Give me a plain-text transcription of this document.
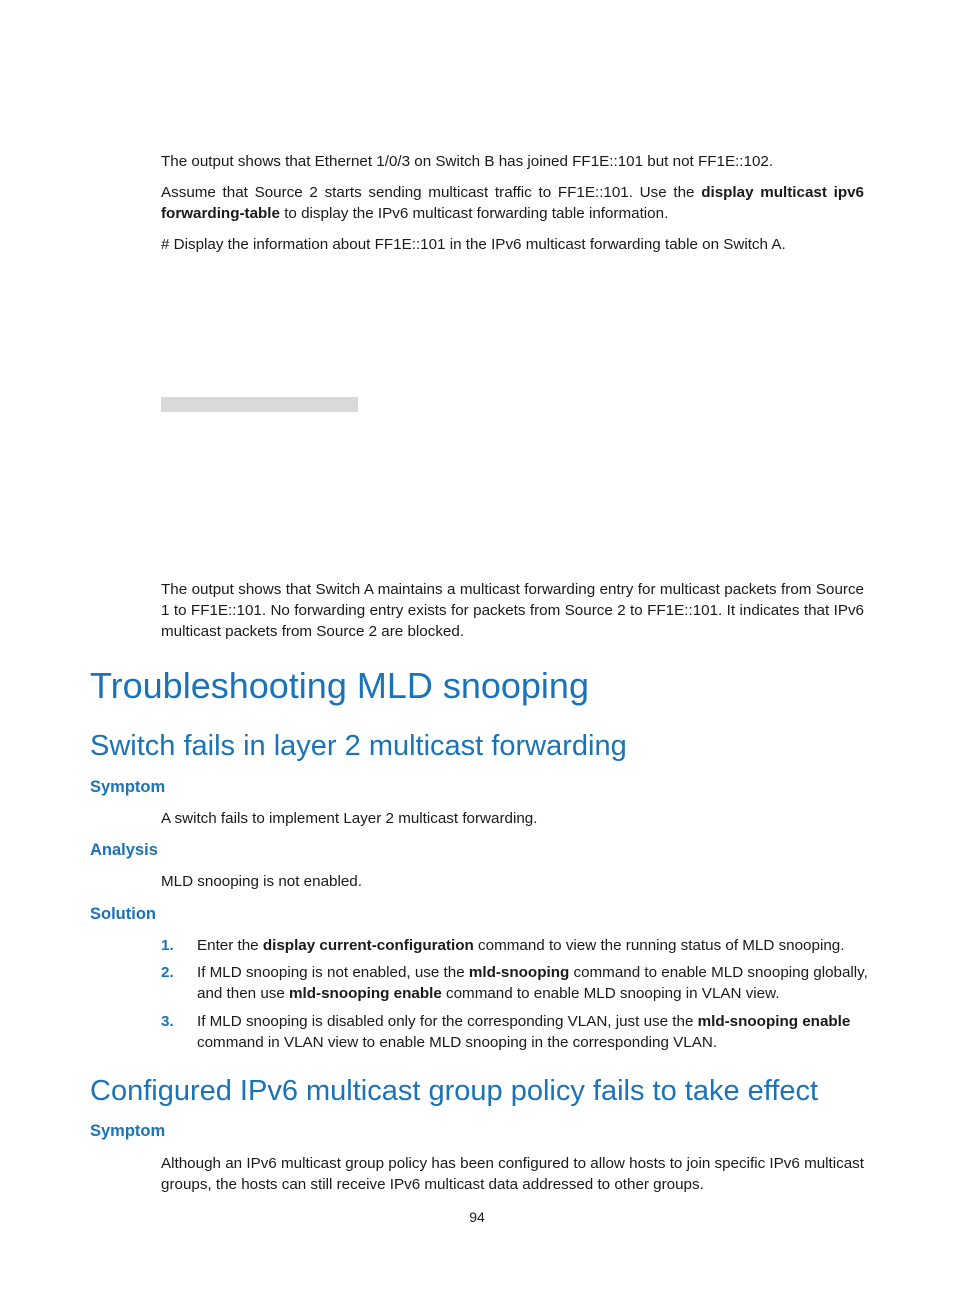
The output shows that Ethernet 1/0/3 on Switch B has joined FF1E::101 but not FF1E::102.

Assume that Source 2 starts sending multicast traffic to FF1E::101. Use the display multicast ipv6 forwarding-table to display the IPv6 multicast forwarding table information.

# Display the information about FF1E::101 in the IPv6 multicast forwarding table on Switch A.

The output shows that Switch A maintains a multicast forwarding entry for multicast packets from Source 1 to FF1E::101. No forwarding entry exists for packets from Source 2 to FF1E::101. It indicates that IPv6 multicast packets from Source 2 are blocked.

Troubleshooting MLD snooping
Switch fails in layer 2 multicast forwarding
Symptom

A switch fails to implement Layer 2 multicast forwarding.

Analysis

MLD snooping is not enabled.

Solution
1. Enter the display current-configuration command to view the running status of MLD snooping.
2. If MLD snooping is not enabled, use the mld-snooping command to enable MLD snooping globally, and then use mld-snooping enable command to enable MLD snooping in VLAN view.
3. If MLD snooping is disabled only for the corresponding VLAN, just use the mld-snooping enable command in VLAN view to enable MLD snooping in the corresponding VLAN.
Configured IPv6 multicast group policy fails to take effect
Symptom

Although an IPv6 multicast group policy has been configured to allow hosts to join specific IPv6 multicast groups, the hosts can still receive IPv6 multicast data addressed to other groups.

94
